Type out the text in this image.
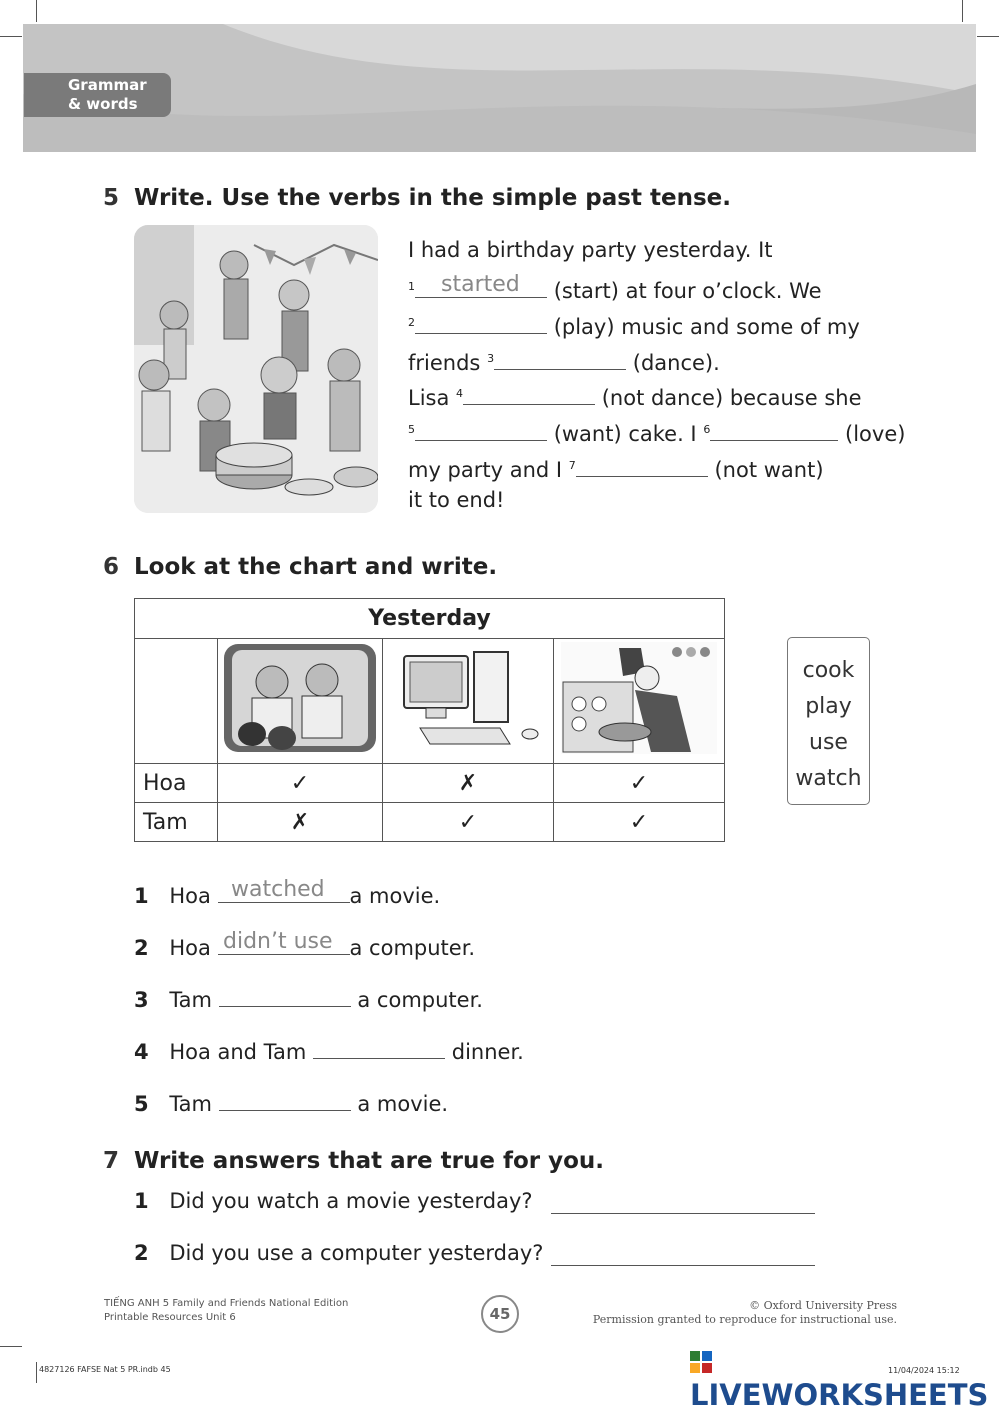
Grammar
& words
5 Write. Use the verbs in the simple past tense.
I had a birthday party yesterday. It
$^1$	(start) at four o’clock. We
started
$^2$	(play) music and some of my
friends $^3$	(dance).
Lisa $^4$	(not dance) because she
$^5$	(want) cake. I $^6$	(love)
my party and I $^7$	(not want)
it to end!
6 Look at the chart and write.
Yesterday			

Hoa	✓	✗	✓
Tam	✗	✓	✓
cook
play
use
watch
1 Hoa	a movie.
watched
2 Hoa	a computer.
didn’t use
3 Tam	a computer.
4 Hoa and Tam	dinner.
5 Tam	a movie.
7 Write answers that are true for you.
1 Did you watch a movie yesterday?
2 Did you use a computer yesterday?
TIẾNG ANH 5 Family and Friends National Edition
Printable Resources Unit 6	45	© Oxford University Press
Permission granted to reproduce for instructional use.
LIVEWORKSHEETS
4827126 FAFSE Nat 5 PR.indb 45	11/04/2024 15:12
